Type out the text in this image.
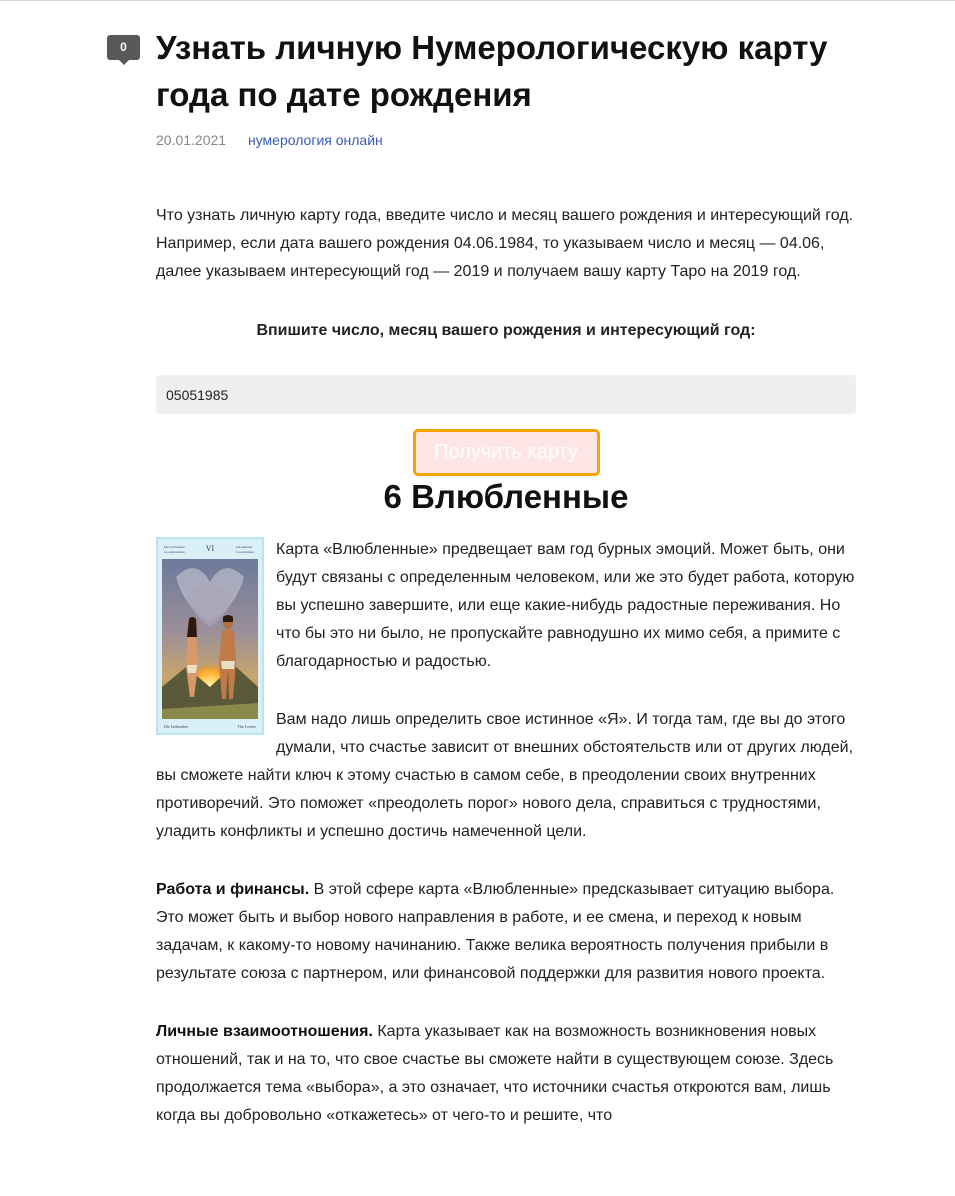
0 Узнать личную Нумерологическую карту года по дате рождения
20.01.2021 нумерология онлайн

Что узнать личную карту года, введите число и месяц вашего рождения и интересующий год. Например, если дата вашего рождения 04.06.1984, то указываем число и месяц — 04.06, далее указываем интересующий год — 2019 и получаем вашу карту Таро на 2019 год.

Впишите число, месяц вашего рождения и интересующий год:

05051985
Получить карту
6 Влюбленные
VI
Die Liebenden
Les Amoureux
Gli Amanti
Los Amantes
Die Liebenden	The Lovers

Карта «Влюбленные» предвещает вам год бурных эмоций. Может быть, они будут связаны с определенным человеком, или же это будет работа, которую вы успешно завершите, или еще какие-нибудь радостные переживания. Но что бы это ни было, не пропускайте равнодушно их мимо себя, а примите с благодарностью и радостью.

Вам надо лишь определить свое истинное «Я». И тогда там, где вы до этого думали, что счастье зависит от внешних обстоятельств или от других людей, вы сможете найти ключ к этому счастью в самом себе, в преодолении своих внутренних противоречий. Это поможет «преодолеть порог» нового дела, справиться с трудностями, уладить конфликты и успешно достичь намеченной цели.

Работа и финансы. В этой сфере карта «Влюбленные» предсказывает ситуацию выбора. Это может быть и выбор нового направления в работе, и ее смена, и переход к новым задачам, к какому-то новому начинанию. Также велика вероятность получения прибыли в результате союза с партнером, или финансовой поддержки для развития нового проекта.

Личные взаимоотношения. Карта указывает как на возможность возникновения новых отношений, так и на то, что свое счастье вы сможете найти в существующем союзе. Здесь продолжается тема «выбора», а это означает, что источники счастья откроются вам, лишь когда вы добровольно «откажетесь» от чего-то и решите, что
